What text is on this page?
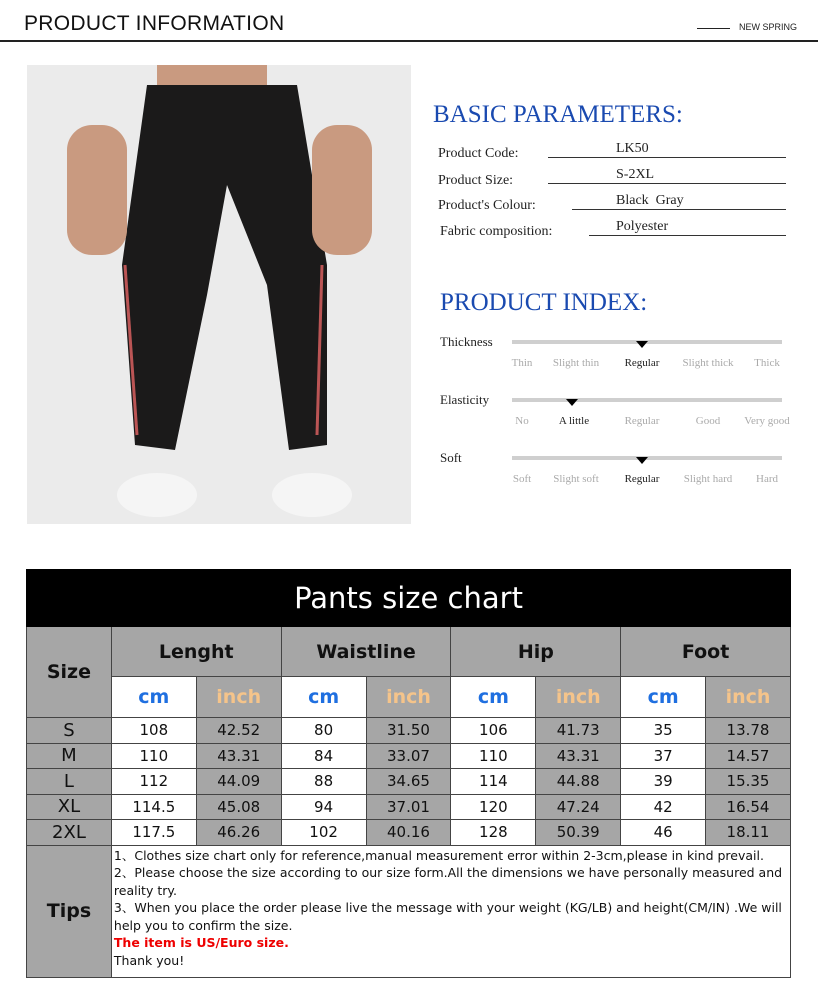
PRODUCT INFORMATION	NEW SPRING
BASIC PARAMETERS:
Product Code:	LK50
Product Size:	S-2XL
Product's Colour:	Black  Gray
Fabric composition:	Polyester
PRODUCT INDEX:
Thickness
Thin Slight thin Regular Slight thick Thick
Elasticity
No	A little	Regular	Good Very good
Soft
Soft Slight soft Regular Slight hard Hard
Pants size chart								
Size	Lenght		Waistline		Hip		Foot	
	cm	inch	cm	inch	cm	inch	cm	inch
S	108	42.52	80	31.50	106	41.73	35	13.78
M	110	43.31	84	33.07	110	43.31	37	14.57
L	112	44.09	88	34.65	114	44.88	39	15.35
XL	114.5	45.08	94	37.01	120	47.24	42	16.54
2XL	117.5	46.26	102	40.16	128	50.39	46	18.11
Tips	1、Clothes size chart only for reference,manual measurement error within 2-3cm,please in kind prevail.
2、Please choose the size according to our size form.All the dimensions we have personally measured and reality try.
3、When you place the order please live the message with your weight (KG/LB) and height(CM/IN) .We will help you to confirm the size.
The item is US/Euro size.
Thank you!							
